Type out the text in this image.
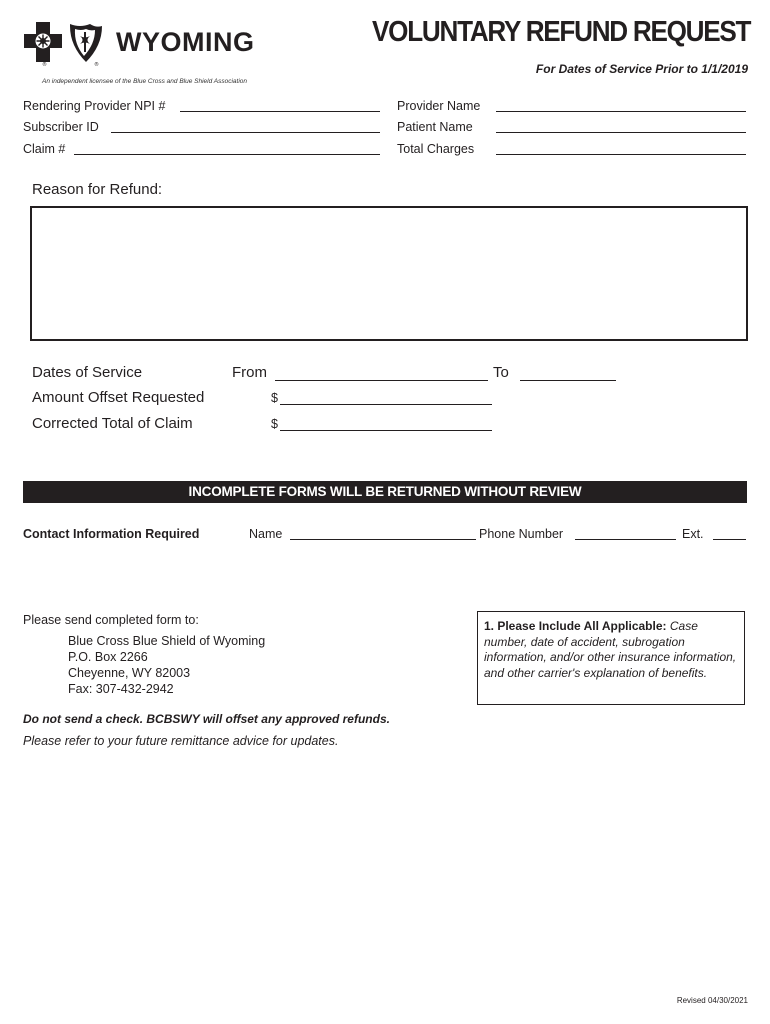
®	®
WYOMING
An independent licensee of the Blue Cross and Blue Shield Association
VOLUNTARY REFUND REQUEST
For Dates of Service Prior to 1/1/2019
Rendering Provider NPI #
Subscriber ID
Claim #
Provider Name
Patient Name
Total Charges
Reason for Refund:
Dates of Service	From	To
Amount Offset Requested	$
Corrected Total of Claim	$
INCOMPLETE FORMS WILL BE RETURNED WITHOUT REVIEW
Contact Information Required	Name	Phone Number	Ext.
Please send completed form to:
Blue Cross Blue Shield of Wyoming
P.O. Box 2266
Cheyenne, WY 82003
Fax: 307-432-2942
1. Please Include All Applicable: Case number, date of accident, subrogation information, and/or other insurance information, and other carrier's explanation of benefits.
Do not send a check. BCBSWY will offset any approved refunds.
Please refer to your future remittance advice for updates.
Revised 04/30/2021
